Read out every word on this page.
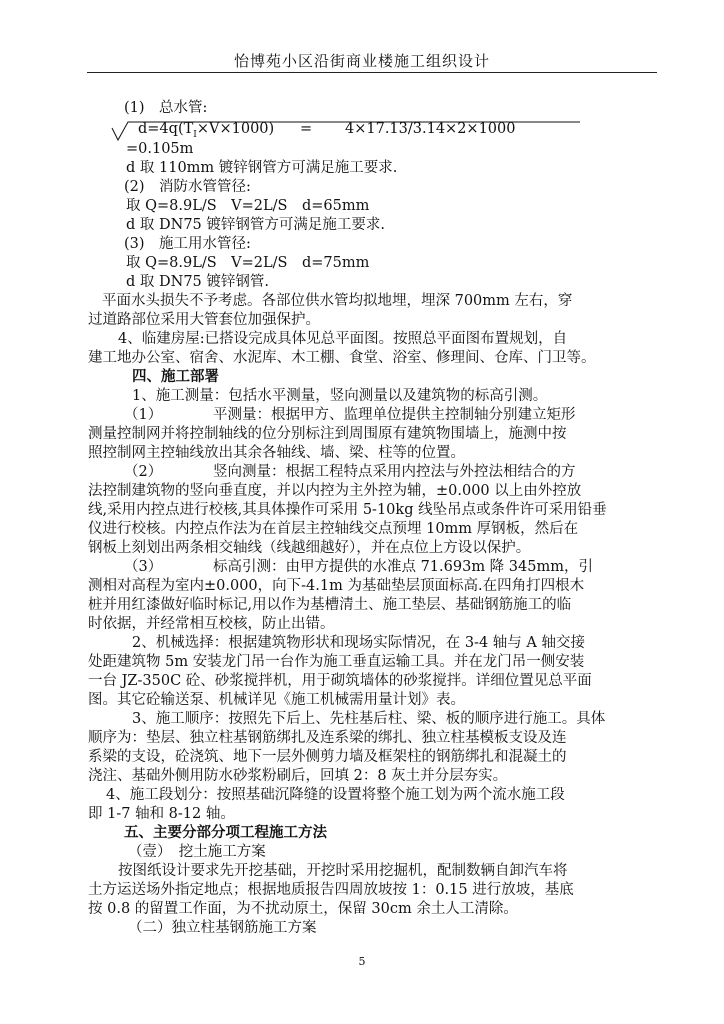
怡博苑小区沿街商业楼施工组织设计
(1)　总水管:
$d=4q(T_I\times V\times 1000) = 4\times 17.13/3.14\times 2\times 1000$
=0.105m
d 取 110mm 镀锌钢管方可满足施工要求.
(2)　消防水管管径:
取 Q=8.9L/S　V=2L/S　d=65mm
d 取 DN75 镀锌钢管方可满足施工要求.
(3)　施工用水管径:
取 Q=8.9L/S　V=2L/S　d=75mm
d 取 DN75 镀锌钢管.
平面水头损失不予考虑。各部位供水管均拟地埋，埋深 700mm 左右，穿
过道路部位采用大管套位加强保护。
4、临建房屋:已搭设完成具体见总平面图。按照总平面图布置规划，自
建工地办公室、宿舍、水泥库、木工棚、食堂、浴室、修理间、仓库、门卫等。
四、施工部署
1、施工测量：包括水平测量，竖向测量以及建筑物的标高引测。
（1）　　　　平测量：根据甲方、监理单位提供主控制轴分别建立矩形
测量控制网并将控制轴线的位分别标注到周围原有建筑物围墙上，施测中按
照控制网主控轴线放出其余各轴线、墙、梁、柱等的位置。
（2）　　　　竖向测量：根据工程特点采用内控法与外控法相结合的方
法控制建筑物的竖向垂直度，并以内控为主外控为辅，±0.000 以上由外控放
线,采用内控点进行校核,其具体操作可采用 5-10kg 线坠吊点或条件许可采用铅垂
仪进行校核。内控点作法为在首层主控轴线交点预埋 10mm 厚钢板，然后在
钢板上刻划出两条相交轴线（线越细越好），并在点位上方设以保护。
（3）　　　　标高引测：由甲方提供的水准点 71.693m 降 345mm，引
测相对高程为室内±0.000，向下-4.1m 为基础垫层顶面标高.在四角打四根木
桩并用红漆做好临时标记,用以作为基槽清土、施工垫层、基础钢筋施工的临
时依据，并经常相互校核，防止出错。
2、机械选择：根据建筑物形状和现场实际情况，在 3-4 轴与 A 轴交接
处距建筑物 5m 安装龙门吊一台作为施工垂直运输工具。并在龙门吊一侧安装
一台 JZ-350C 砼、砂浆搅拌机，用于砌筑墙体的砂浆搅拌。详细位置见总平面
图。其它砼输送泵、机械详见《施工机械需用量计划》表。
3、施工顺序：按照先下后上、先柱基后柱、梁、板的顺序进行施工。具体
顺序为：垫层、独立柱基钢筋绑扎及连系梁的绑扎、独立柱基模板支设及连
系梁的支设，砼浇筑、地下一层外侧剪力墙及框架柱的钢筋绑扎和混凝土的
浇注、基础外侧用防水砂浆粉刷后，回填 2：8 灰土并分层夯实。
4、施工段划分：按照基础沉降缝的设置将整个施工划为两个流水施工段
即 1-7 轴和 8-12 轴。
五、主要分部分项工程施工方法
（壹）　挖土施工方案
按图纸设计要求先开挖基础，开挖时采用挖掘机，配制数辆自卸汽车将
土方运送场外指定地点；根据地质报告四周放坡按 1：0.15 进行放坡，基底
按 0.8 的留置工作面，为不扰动原土，保留 30cm 余土人工清除。
（二）独立柱基钢筋施工方案
5
